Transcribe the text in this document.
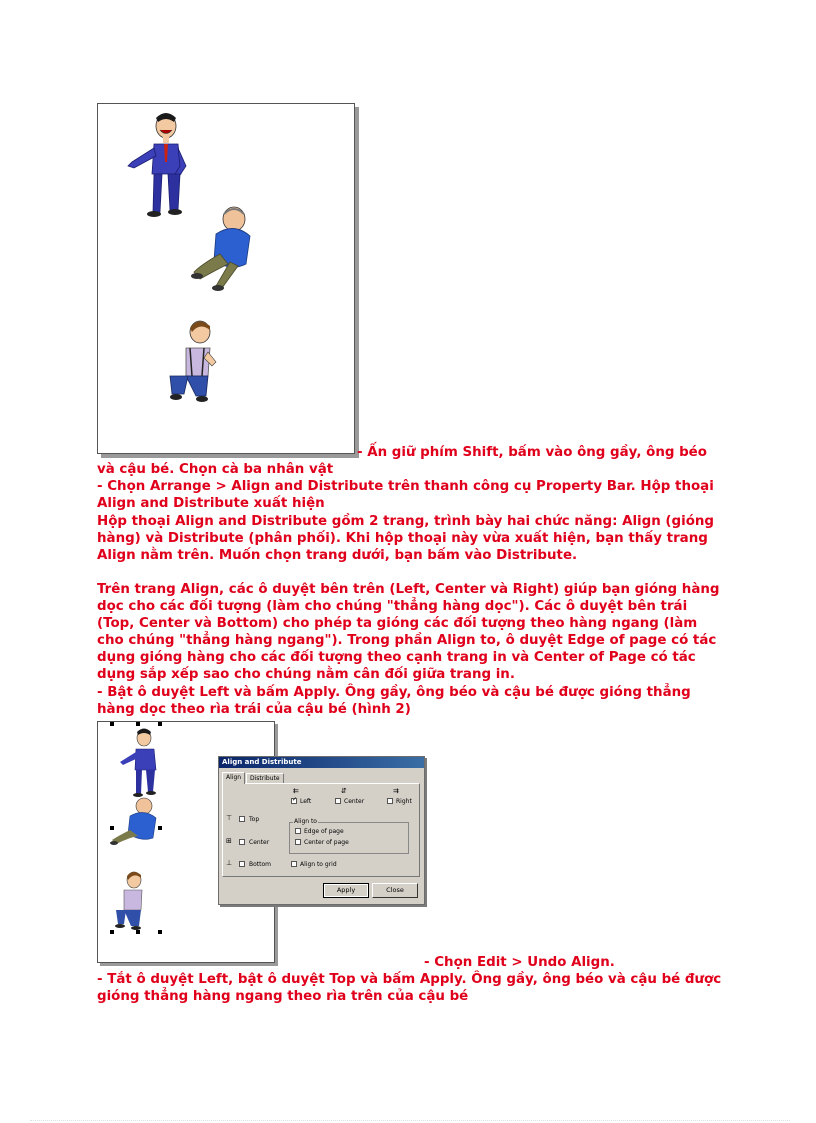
- Ấn giữ phím Shift, bấm vào ông gầy, ông béo
và cậu bé. Chọn cà ba nhân vật
- Chọn Arrange > Align and Distribute trên thanh công cụ Property Bar. Hộp thoại
Align and Distribute xuất hiện
Hộp thoại Align and Distribute gồm 2 trang, trình bày hai chức năng: Align (gióng
hàng) và Distribute (phân phối). Khi hộp thoại này vừa xuất hiện, bạn thấy trang
Align nằm trên. Muốn chọn trang dưới, bạn bấm vào Distribute.
Trên trang Align, các ô duyệt bên trên (Left, Center và Right) giúp bạn gióng hàng
dọc cho các đối tượng (làm cho chúng "thẳng hàng dọc"). Các ô duyệt bên trái
(Top, Center và Bottom) cho phép ta gióng các đối tượng theo hàng ngang (làm
cho chúng "thẳng hàng ngang"). Trong phần Align to, ô duyệt Edge of page có tác
dụng gióng hàng cho các đối tượng theo cạnh trang in và Center of Page có tác
dụng sắp xếp sao cho chúng nằm cân đối giữa trang in.
- Bật ô duyệt Left và bấm Apply. Ông gầy, ông béo và cậu bé được gióng thẳng
hàng dọc theo rìa trái của cậu bé (hình 2)
Align and Distribute
Align	Distribute
⇇	⇵	⇉
✓ Left	Center	Right
⊤	Top
⊞	Center
⊥	Bottom
Align to
Edge of page
Center of page
Align to grid
Apply	Close
- Chọn Edit > Undo Align.
- Tắt ô duyệt Left, bật ô duyệt Top và bấm Apply. Ông gầy, ông béo và cậu bé được
gióng thẳng hàng ngang theo rìa trên của cậu bé
